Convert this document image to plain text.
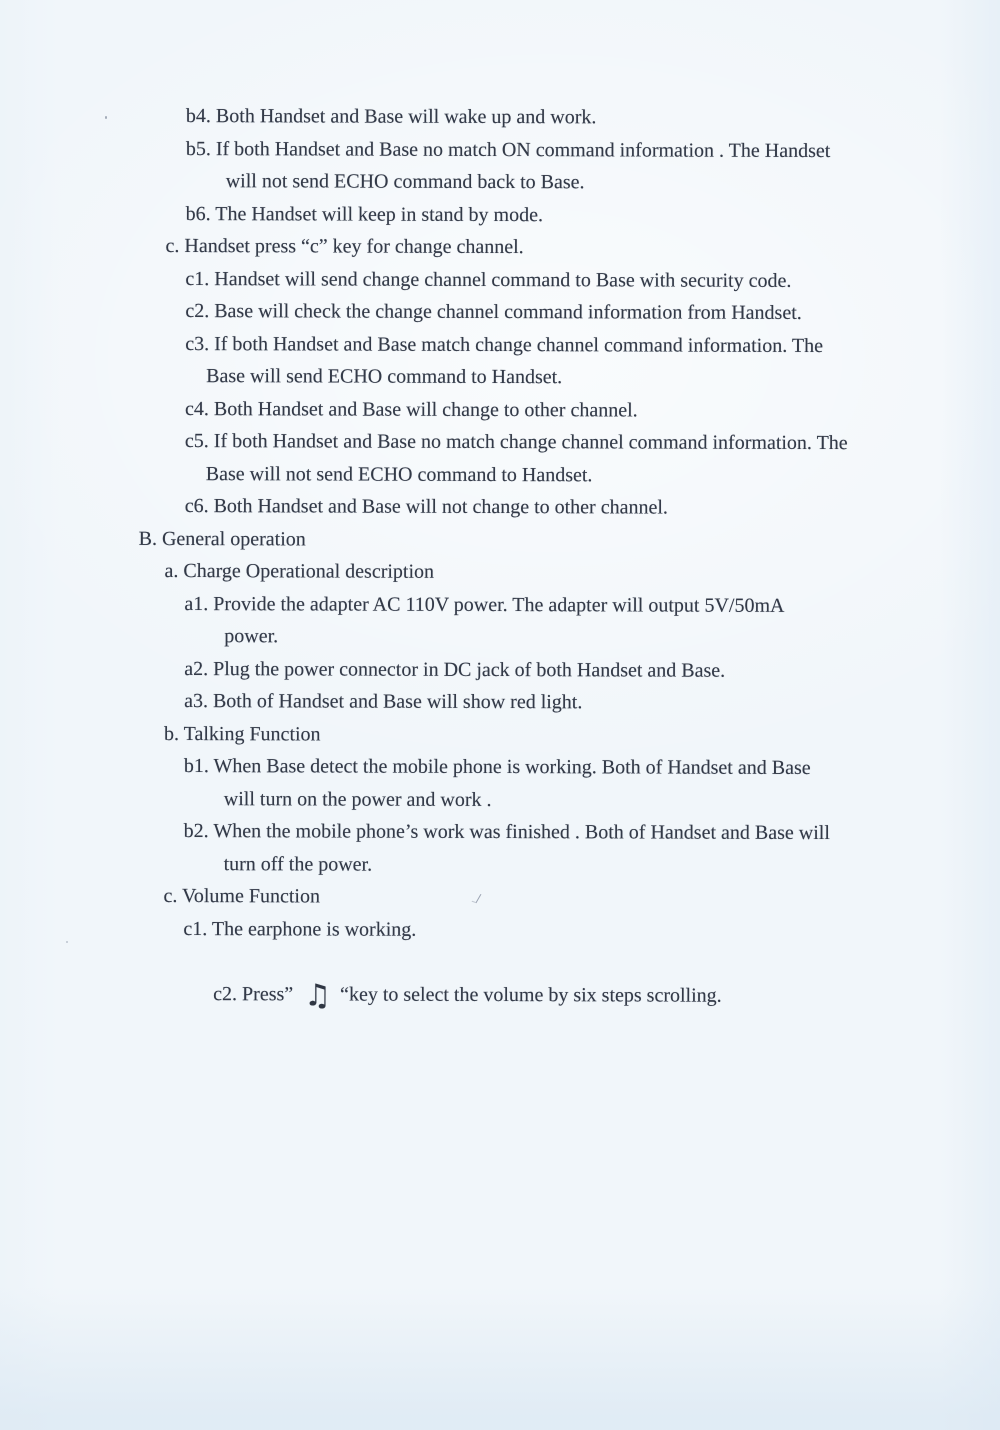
b4. Both Handset and Base will wake up and work.

b5. If both Handset and Base no match ON command information . The Handset

will not send ECHO command back to Base.

b6. The Handset will keep in stand by mode.

c. Handset press “c” key for change channel.

c1. Handset will send change channel command to Base with security code.

c2. Base will check the change channel command information from Handset.

c3. If both Handset and Base match change channel command information. The

Base will send ECHO command to Handset.

c4. Both Handset and Base will change to other channel.

c5. If both Handset and Base no match change channel command information. The

Base will not send ECHO command to Handset.

c6. Both Handset and Base will not change to other channel.

B. General operation

a. Charge Operational description

a1. Provide the adapter AC 110V power. The adapter will output 5V/50mA

power.

a2. Plug the power connector in DC jack of both Handset and Base.

a3. Both of Handset and Base will show red light.

b. Talking Function

b1. When Base detect the mobile phone is working. Both of Handset and Base

will turn on the power and work .

b2. When the mobile phone’s work was finished . Both of Handset and Base will

turn off the power.

c. Volume Function

c1. The earphone is working.

c2. Press” ♫ “key to select the volume by six steps scrolling.
